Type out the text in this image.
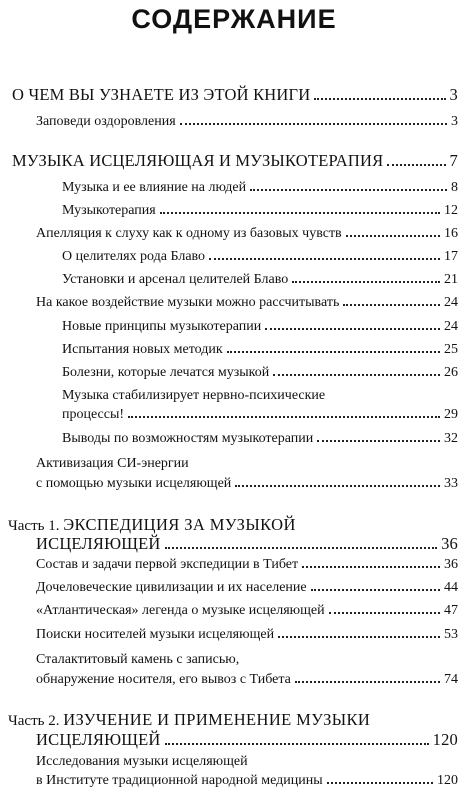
СОДЕРЖАНИЕ
О ЧЕМ ВЫ УЗНАЕТЕ ИЗ ЭТОЙ КНИГИ	3
Заповеди оздоровления	3
МУЗЫКА ИСЦЕЛЯЮЩАЯ И МУЗЫКОТЕРАПИЯ	7
Музыка и ее влияние на людей	8
Музыкотерапия	12
Апелляция к слуху как к одному из базовых чувств	16
О целителях рода Блаво	17
Установки и арсенал целителей Блаво	21
На какое воздействие музыки можно рассчитывать	24
Новые принципы музыкотерапии	24
Испытания новых методик	25
Болезни, которые лечатся музыкой	26
Музыка стабилизирует нервно-психические
процессы!	29
Выводы по возможностям музыкотерапии	32
Активизация СИ-энергии
с помощью музыки исцеляющей	33
Часть 1. ЭКСПЕДИЦИЯ ЗА МУЗЫКОЙ
ИСЦЕЛЯЮЩЕЙ	36
Состав и задачи первой экспедиции в Тибет	36
Дочеловеческие цивилизации и их население	44
«Атлантическая» легенда о музыке исцеляющей	47
Поиски носителей музыки исцеляющей	53
Сталактитовый камень с записью,
обнаружение носителя, его вывоз с Тибета	74
Часть 2. ИЗУЧЕНИЕ И ПРИМЕНЕНИЕ МУЗЫКИ
ИСЦЕЛЯЮЩЕЙ	120
Исследования музыки исцеляющей
в Институте традиционной народной медицины	120
